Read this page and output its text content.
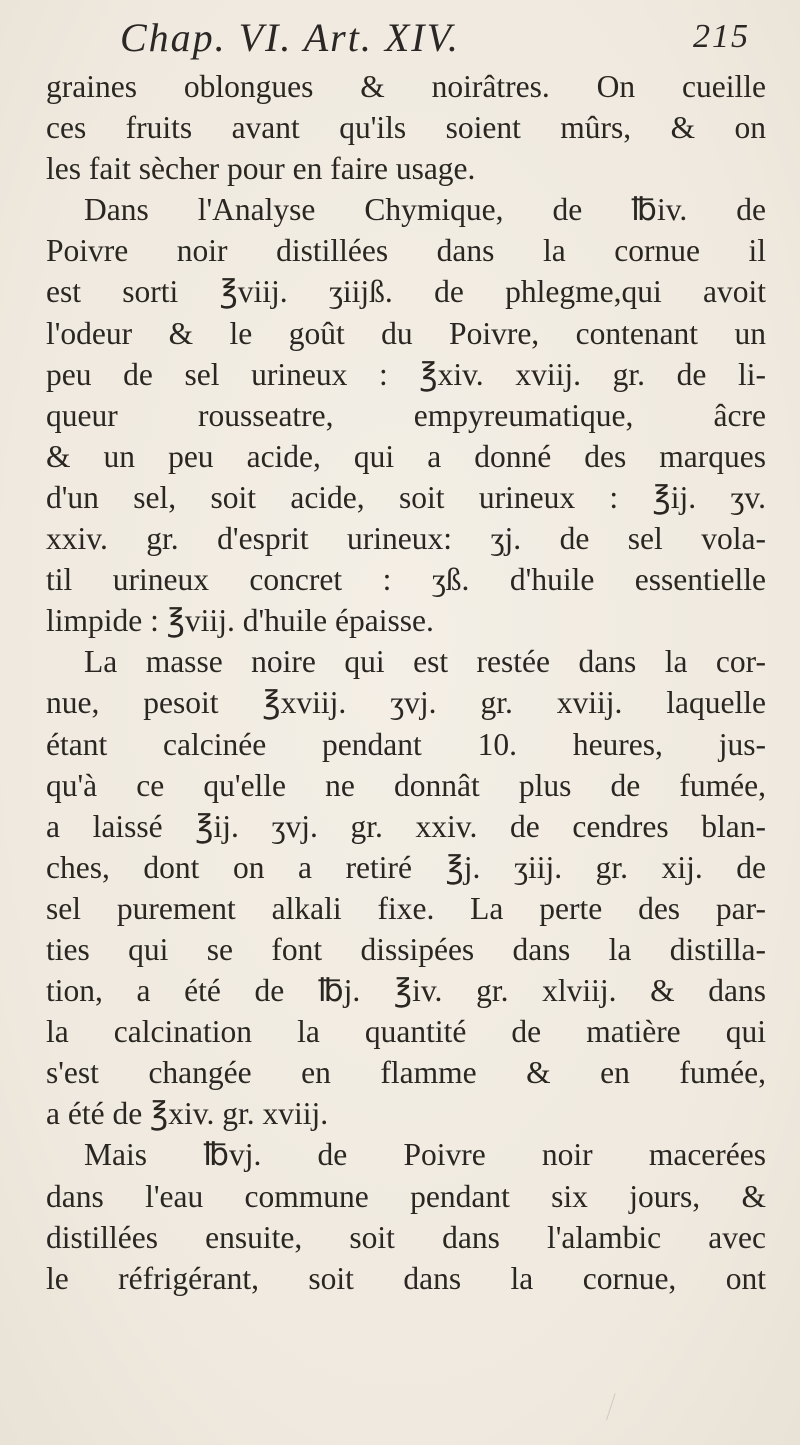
Chap. VI. Art. XIV.	215
graines oblongues & noirâtres. On cueille
ces fruits avant qu'ils soient mûrs, & on
les fait sècher pour en faire usage.
Dans l'Analyse Chymique, de ℔iv. de
Poivre noir distillées dans la cornue il
est sorti ℥viij. ʒiijß. de phlegme,qui avoit
l'odeur & le goût du Poivre, contenant un
peu de sel urineux : ℥xiv. xviij. gr. de li-
queur rousseatre, empyreumatique, âcre
& un peu acide, qui a donné des marques
d'un sel, soit acide, soit urineux : ℥ij. ʒv.
xxiv. gr. d'esprit urineux: ʒj. de sel vola-
til urineux concret : ʒß. d'huile essentielle
limpide : ℥viij. d'huile épaisse.
La masse noire qui est restée dans la cor-
nue, pesoit ℥xviij. ʒvj. gr. xviij. laquelle
étant calcinée pendant 10. heures, jus-
qu'à ce qu'elle ne donnât plus de fumée,
a laissé ℥ij. ʒvj. gr. xxiv. de cendres blan-
ches, dont on a retiré ℥j. ʒiij. gr. xij. de
sel purement alkali fixe. La perte des par-
ties qui se font dissipées dans la distilla-
tion, a été de ℔j. ℥iv. gr. xlviij. & dans
la calcination la quantité de matière qui
s'est changée en flamme & en fumée,
a été de ℥xiv. gr. xviij.
Mais ℔vj. de Poivre noir macerées
dans l'eau commune pendant six jours, &
distillées ensuite, soit dans l'alambic avec
le réfrigérant, soit dans la cornue, ont
